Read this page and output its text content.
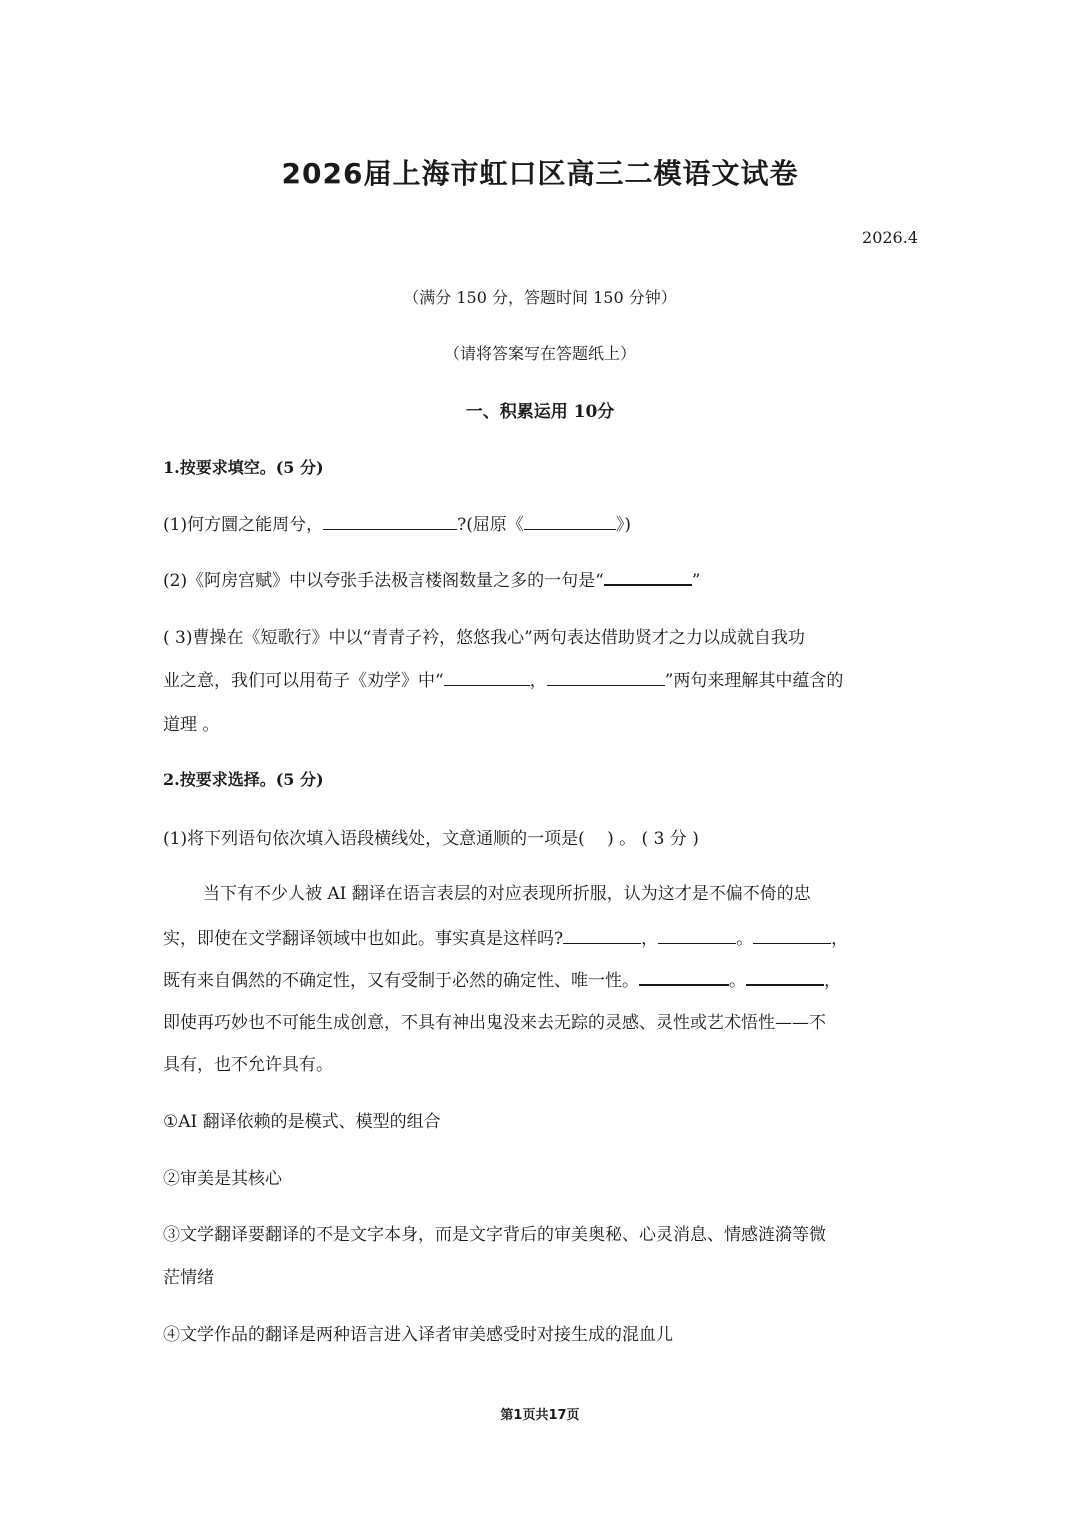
2026届上海市虹口区高三二模语文试卷
2026.4
（满分 150 分，答题时间 150 分钟）
（请将答案写在答题纸上）
一、积累运用 10分
1.按要求填空。(5 分)
(1)何方圜之能周兮，	?(屈原《	》)
(2)《阿房宫赋》中以夸张手法极言楼阁数量之多的一句是“	”
( 3)曹操在《短歌行》中以“青青子衿，悠悠我心”两句表达借助贤才之力以成就自我功
业之意，我们可以用荀子《劝学》中“	，	”两句来理解其中蕴含的
道理 。
2.按要求选择。(5 分)
(1)将下列语句依次填入语段横线处，文意通顺的一项是(　 ) 。 ( 3 分 )
当下有不少人被 AI 翻译在语言表层的对应表现所折服，认为这才是不偏不倚的忠
实，即使在文学翻译领域中也如此。事实真是这样吗?	，	。	，
既有来自偶然的不确定性，又有受制于必然的确定性、唯一性。	。	，
即使再巧妙也不可能生成创意，不具有神出鬼没来去无踪的灵感、灵性或艺术悟性——不
具有，也不允许具有。
①AI 翻译依赖的是模式、模型的组合
②审美是其核心
③文学翻译要翻译的不是文字本身，而是文字背后的审美奥秘、心灵消息、情感涟漪等微
茫情绪
④文学作品的翻译是两种语言进入译者审美感受时对接生成的混血儿
第1页共17页
